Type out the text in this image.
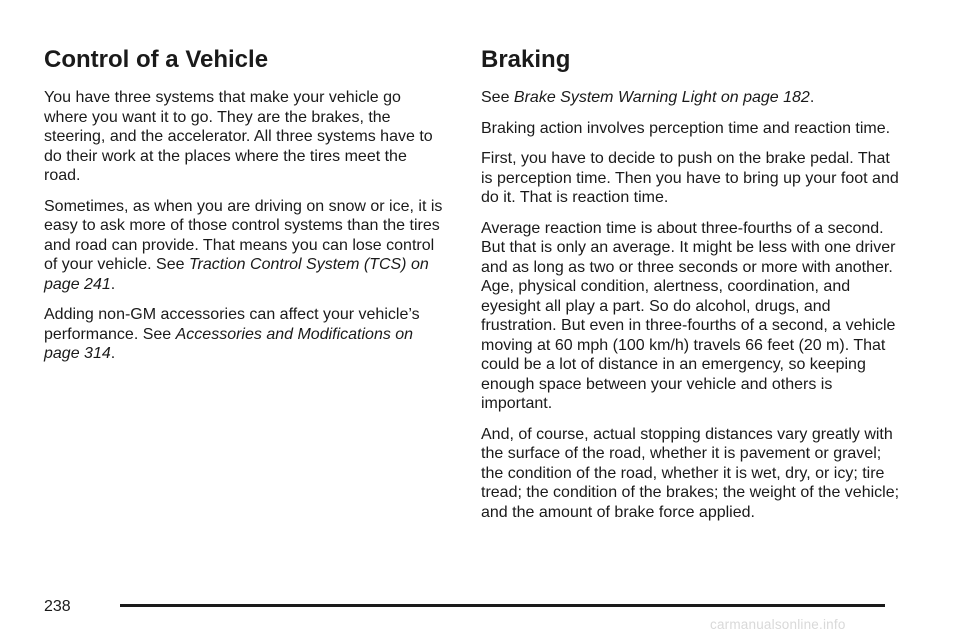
Control of a Vehicle

You have three systems that make your vehicle go where you want it to go. They are the brakes, the steering, and the accelerator. All three systems have to do their work at the places where the tires meet the road.

Sometimes, as when you are driving on snow or ice, it is easy to ask more of those control systems than the tires and road can provide. That means you can lose control of your vehicle. See Traction Control System (TCS) on page 241.

Adding non-GM accessories can affect your vehicle’s performance. See Accessories and Modifications on page 314.

Braking

See Brake System Warning Light on page 182.

Braking action involves perception time and reaction time.

First, you have to decide to push on the brake pedal. That is perception time. Then you have to bring up your foot and do it. That is reaction time.

Average reaction time is about three-fourths of a second. But that is only an average. It might be less with one driver and as long as two or three seconds or more with another. Age, physical condition, alertness, coordination, and eyesight all play a part. So do alcohol, drugs, and frustration. But even in three-fourths of a second, a vehicle moving at 60 mph (100 km/h) travels 66 feet (20 m). That could be a lot of distance in an emergency, so keeping enough space between your vehicle and others is important.

And, of course, actual stopping distances vary greatly with the surface of the road, whether it is pavement or gravel; the condition of the road, whether it is wet, dry, or icy; tire tread; the condition of the brakes; the weight of the vehicle; and the amount of brake force applied.

238
carmanualsonline.info
